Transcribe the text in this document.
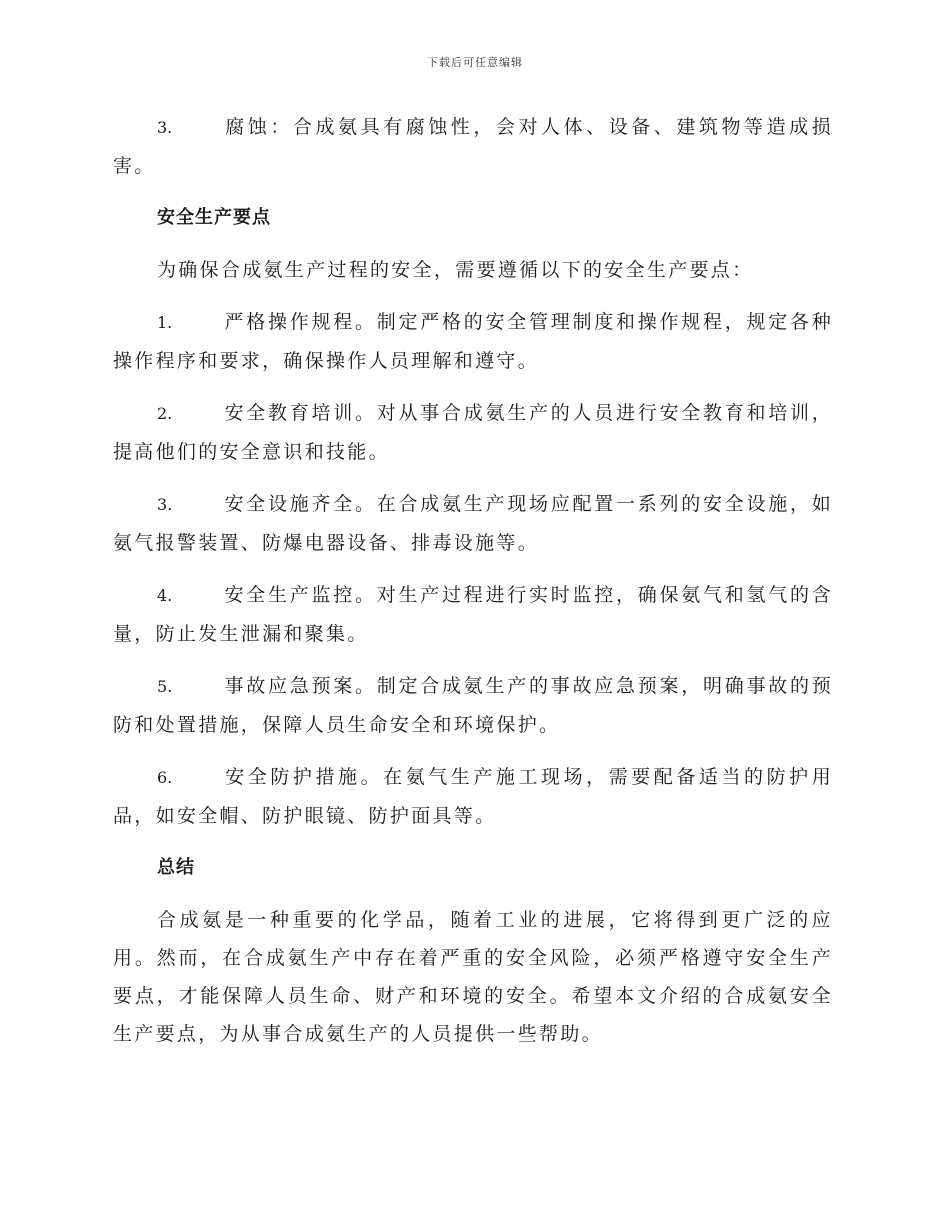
下载后可任意编辑

3.	腐蚀：合成氨具有腐蚀性，会对人体、设备、建筑物等造成损害。

安全生产要点

为确保合成氨生产过程的安全，需要遵循以下的安全生产要点：

1.	严格操作规程。制定严格的安全管理制度和操作规程，规定各种操作程序和要求，确保操作人员理解和遵守。

2.	安全教育培训。对从事合成氨生产的人员进行安全教育和培训，提高他们的安全意识和技能。

3.	安全设施齐全。在合成氨生产现场应配置一系列的安全设施，如氨气报警装置、防爆电器设备、排毒设施等。

4.	安全生产监控。对生产过程进行实时监控，确保氨气和氢气的含量，防止发生泄漏和聚集。

5.	事故应急预案。制定合成氨生产的事故应急预案，明确事故的预防和处置措施，保障人员生命安全和环境保护。

6.	安全防护措施。在氨气生产施工现场，需要配备适当的防护用品，如安全帽、防护眼镜、防护面具等。

总结

合成氨是一种重要的化学品，随着工业的进展，它将得到更广泛的应用。然而，在合成氨生产中存在着严重的安全风险，必须严格遵守安全生产要点，才能保障人员生命、财产和环境的安全。希望本文介绍的合成氨安全生产要点，为从事合成氨生产的人员提供一些帮助。
